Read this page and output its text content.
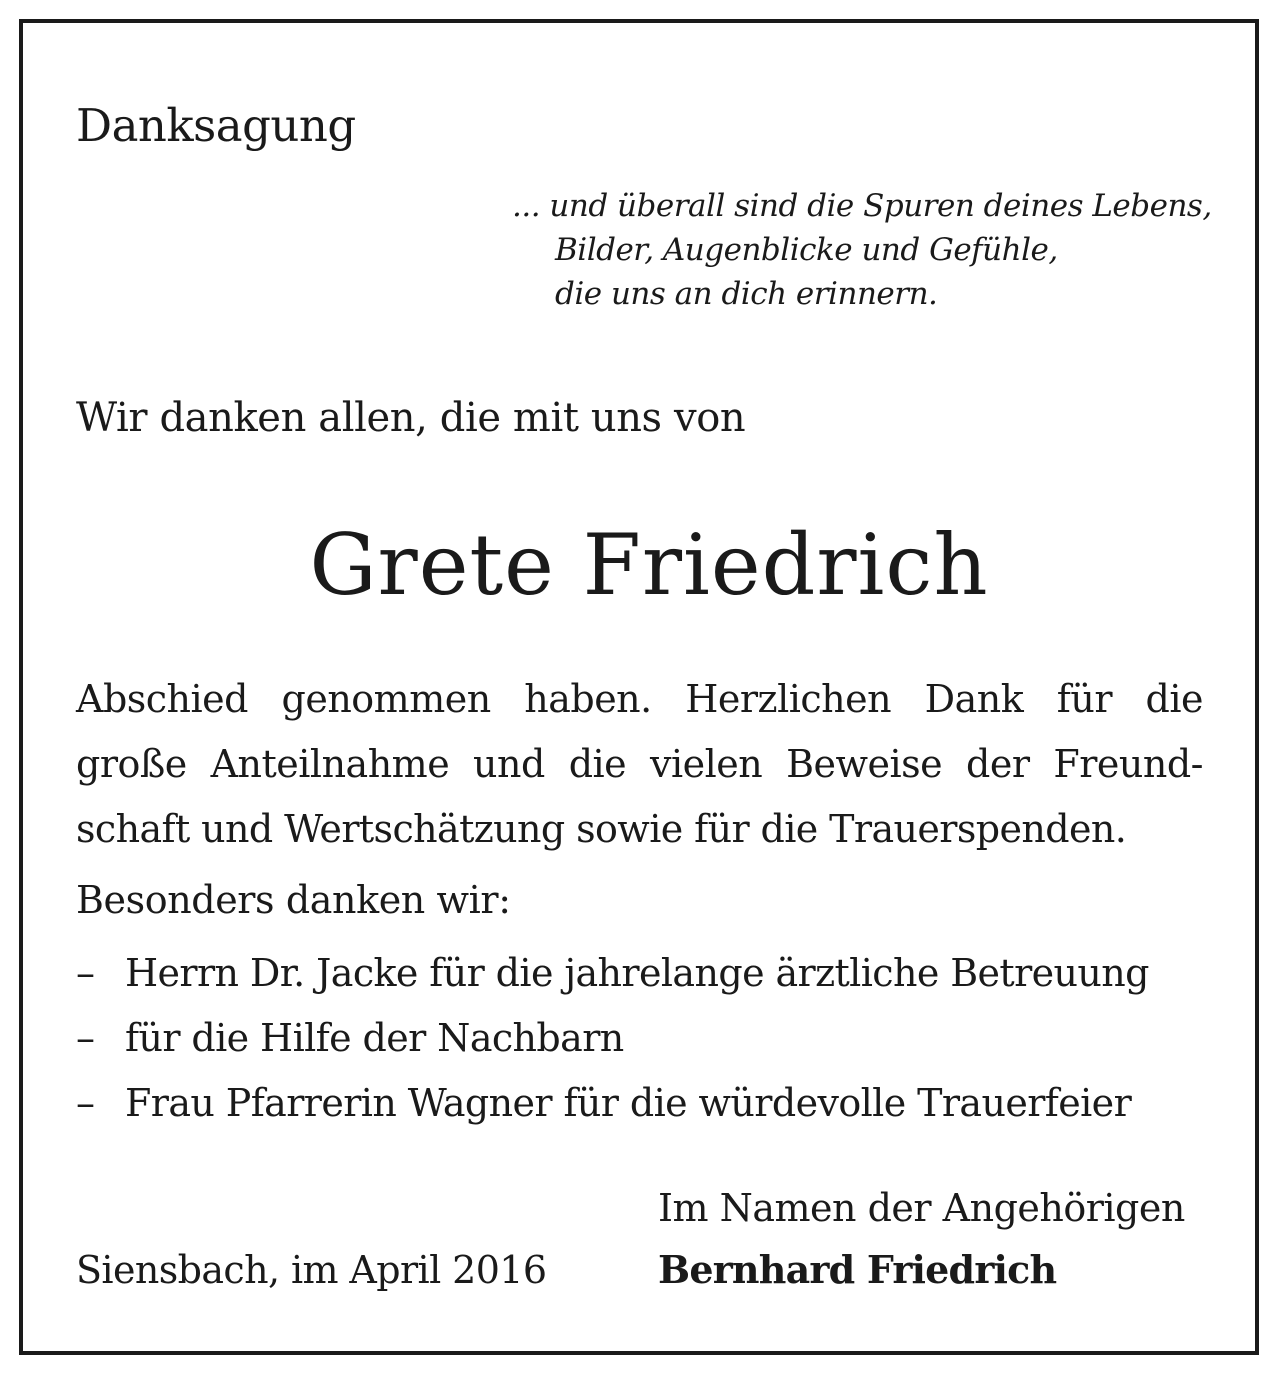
Danksagung
... und überall sind die Spuren deines Lebens,
Bilder, Augenblicke und Gefühle,
die uns an dich erinnern.

Wir danken allen, die mit uns von

Grete Friedrich
Abschied genommen haben. Herzlichen Dank für die
große Anteilnahme und die vielen Beweise der Freund-
schaft und Wertschätzung sowie für die Trauerspenden.

Besonders danken wir:

– Herrn Dr. Jacke für die jahrelange ärztliche Betreuung
– für die Hilfe der Nachbarn
– Frau Pfarrerin Wagner für die würdevolle Trauerfeier

Im Namen der Angehörigen

Siensbach, im April 2016	Bernhard Friedrich
